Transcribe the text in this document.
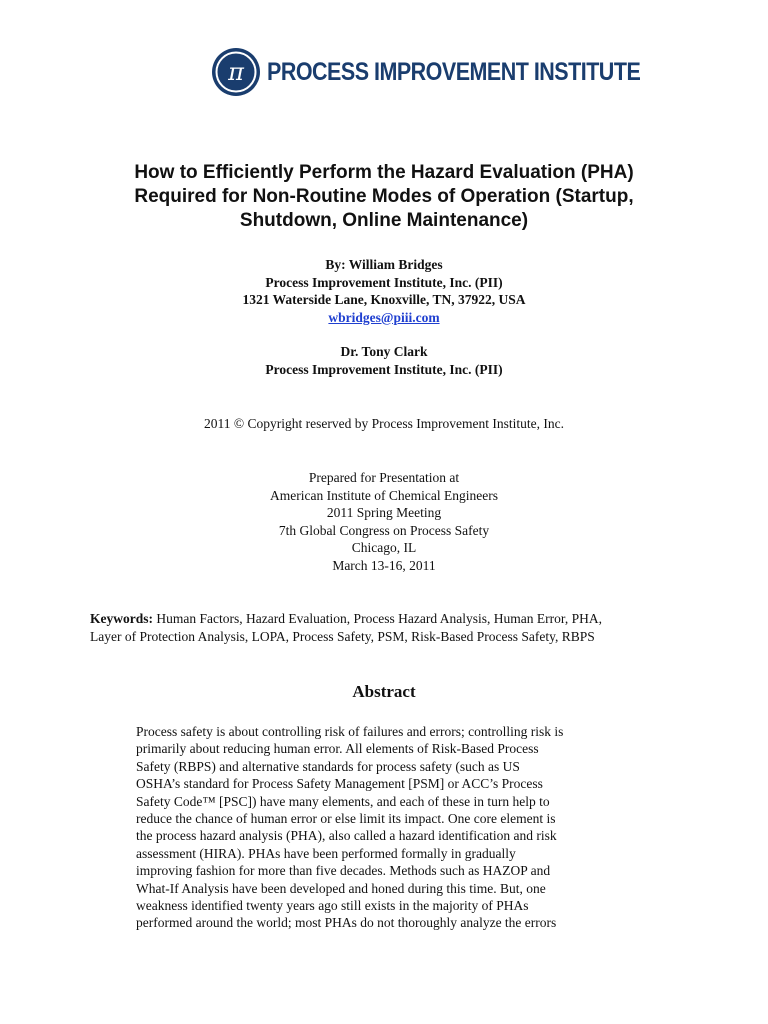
π PROCESS IMPROVEMENT INSTITUTE
How to Efficiently Perform the Hazard Evaluation (PHA)
Required for Non-Routine Modes of Operation (Startup,
Shutdown, Online Maintenance)
By: William Bridges
Process Improvement Institute, Inc. (PII)
1321 Waterside Lane, Knoxville, TN, 37922, USA
wbridges@piii.com
Dr. Tony Clark
Process Improvement Institute, Inc. (PII)
2011 © Copyright reserved by Process Improvement Institute, Inc.
Prepared for Presentation at
American Institute of Chemical Engineers
2011 Spring Meeting
7th Global Congress on Process Safety
Chicago, IL
March 13-16, 2011
Keywords: Human Factors, Hazard Evaluation, Process Hazard Analysis, Human Error, PHA,
Layer of Protection Analysis, LOPA, Process Safety, PSM, Risk-Based Process Safety, RBPS
Abstract
Process safety is about controlling risk of failures and errors; controlling risk is
primarily about reducing human error. All elements of Risk-Based Process
Safety (RBPS) and alternative standards for process safety (such as US
OSHA’s standard for Process Safety Management [PSM] or ACC’s Process
Safety Code™ [PSC]) have many elements, and each of these in turn help to
reduce the chance of human error or else limit its impact. One core element is
the process hazard analysis (PHA), also called a hazard identification and risk
assessment (HIRA). PHAs have been performed formally in gradually
improving fashion for more than five decades. Methods such as HAZOP and
What-If Analysis have been developed and honed during this time. But, one
weakness identified twenty years ago still exists in the majority of PHAs
performed around the world; most PHAs do not thoroughly analyze the errors
